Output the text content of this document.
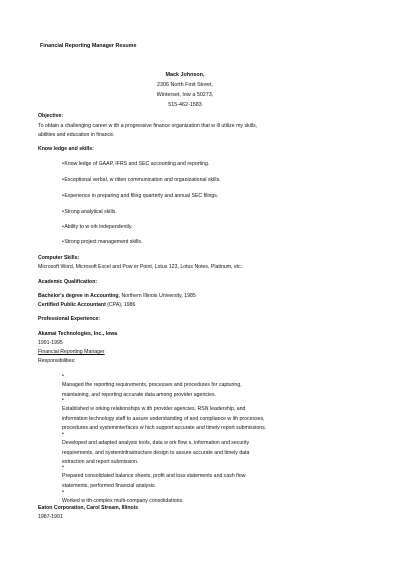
Financial Reporting Manager Resume
Mack Johnson,
2306 North First Street,
Winterset, Iow a 50273,
515-462-1583
Objective:
To obtain a challenging career w ith a progressive finance organization that w ill utilize my skills,
abilities and education in finance.
Know ledge and skills:
•Know ledge of GAAP, IFRS and SEC accounting and reporting.
•Exceptional verbal, w ritten communication and organizational skills.
•Experience in preparing and filing quarterly and annual SEC filings.
•Strong analytical skills.
•Ability to w ork independently.
•Strong project management skills.
Computer Skills:
Microsoft Word, Microsoft Excel and Pow er Point, Lotus 123, Lotus Notes, Platinum, etc.
Academic Qualification:
Bachelor's degree in Accounting, Northern Illinois University, 1985
Certified Public Accountant (CPA), 1986
Professional Experience:
Akamai Technologies, Inc., Iowa
1991-1995
Financial Reporting Manager
Responsibilities:
•
Managed the reporting requirements, processes and procedures for capturing,
maintaining, and reporting accurate data among provider agencies.
•
Established w orking relationships w ith provider agencies, RSN leadership, and
information technology staff to assure understanding of and compliance w ith processes,
procedures and systeminterfaces w hich support accurate and timely report submissions.
•
Developed and adapted analysis tools, data w ork flow s, information and security
requirements, and systeminfrastructure design to assure accurate and timely data
extraction and report submission.
•
Prepared consolidated balance sheets, profit and loss statements and cash flow
statements, performed financial analysis.
•
Worked w ith complex multi-company consolidations.
Eaton Corporation, Carol Stream, Illinois
1987-1991
